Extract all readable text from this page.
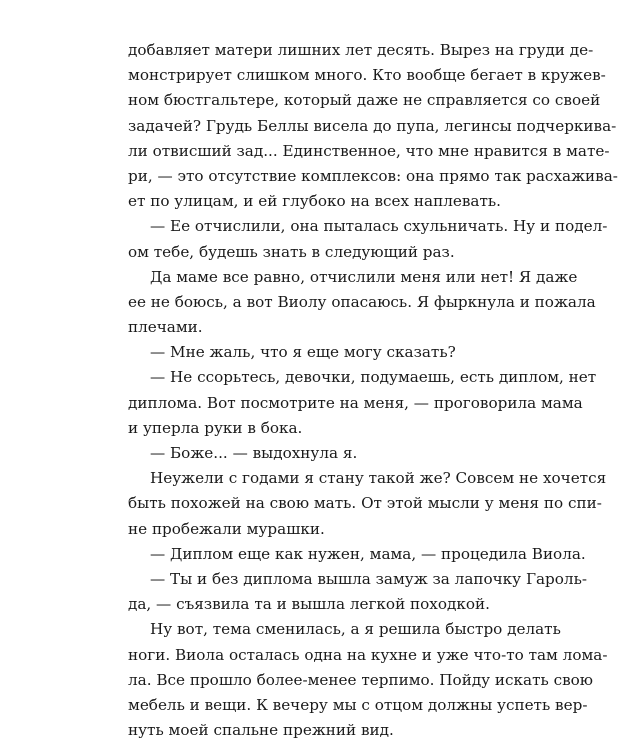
добавляет матери лишних лет десять. Вырез на груди де-
монстрирует слишком много. Кто вообще бегает в кружев-
ном бюстгальтере, который даже не справляется со своей
задачей? Грудь Беллы висела до пупа, легинсы подчеркива-
ли отвисший зад... Единственное, что мне нравится в мате-
ри, — это отсутствие комплексов: она прямо так расхажива-
ет по улицам, и ей глубоко на всех наплевать.
— Ее отчислили, она пыталась схульничать. Ну и подел-
ом тебе, будешь знать в следующий раз.
Да маме все равно, отчислили меня или нет! Я даже
ее не боюсь, а вот Виолу опасаюсь. Я фыркнула и пожала
плечами.
— Мне жаль, что я еще могу сказать?
— Не ссорьтесь, девочки, подумаешь, есть диплом, нет
диплома. Вот посмотрите на меня, — проговорила мама
и уперла руки в бока.
— Боже... — выдохнула я.
Неужели с годами я стану такой же? Совсем не хочется
быть похожей на свою мать. От этой мысли у меня по спи-
не пробежали мурашки.
— Диплом еще как нужен, мама, — процедила Виола.
— Ты и без диплома вышла замуж за лапочку Гароль-
да, — съязвила та и вышла легкой походкой.
Ну вот, тема сменилась, а я решила быстро делать
ноги. Виола осталась одна на кухне и уже что-то там лома-
ла. Все прошло более-менее терпимо. Пойду искать свою
мебель и вещи. К вечеру мы с отцом должны успеть вер-
нуть моей спальне прежний вид.
